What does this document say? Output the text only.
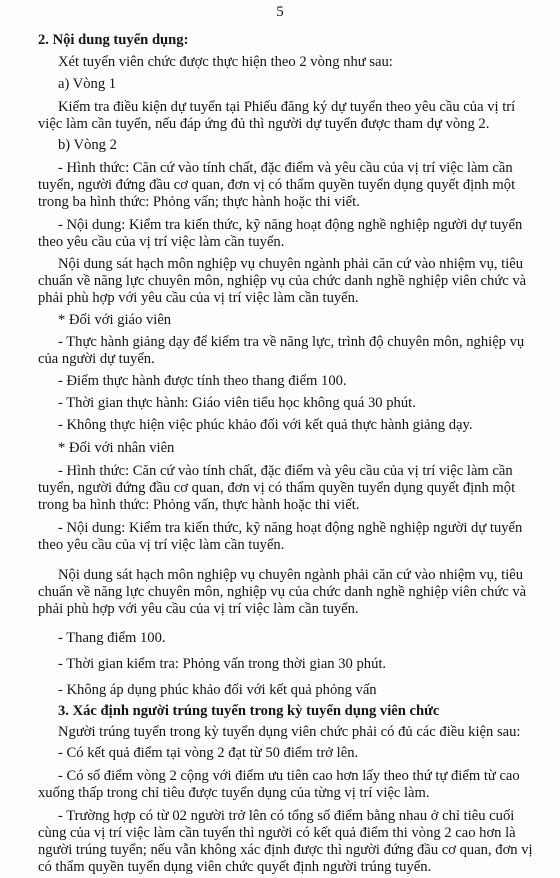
5
2. Nội dung tuyển dụng:
Xét tuyển viên chức được thực hiện theo 2 vòng như sau:
a) Vòng 1
Kiểm tra điều kiện dự tuyển tại Phiếu đăng ký dự tuyển theo yêu cầu của vị trí
việc làm cần tuyển, nếu đáp ứng đủ thì người dự tuyển được tham dự vòng 2.
b) Vòng 2
- Hình thức: Căn cứ vào tính chất, đặc điểm và yêu cầu của vị trí việc làm cần
tuyển, người đứng đầu cơ quan, đơn vị có thẩm quyền tuyển dụng quyết định một
trong ba hình thức: Phỏng vấn; thực hành hoặc thi viết.
- Nội dung: Kiểm tra kiến thức, kỹ năng hoạt động nghề nghiệp người dự tuyển
theo yêu cầu của vị trí việc làm cần tuyển.
Nội dung sát hạch môn nghiệp vụ chuyên ngành phải căn cứ vào nhiệm vụ, tiêu
chuẩn về năng lực chuyên môn, nghiệp vụ của chức danh nghề nghiệp viên chức và
phải phù hợp với yêu cầu của vị trí việc làm cần tuyển.
* Đối với giáo viên
- Thực hành giảng dạy để kiểm tra về năng lực, trình độ chuyên môn, nghiệp vụ
của người dự tuyển.
- Điểm thực hành được tính theo thang điểm 100.
- Thời gian thực hành: Giáo viên tiểu học không quá 30 phút.
- Không thực hiện việc phúc khảo đối với kết quả thực hành giảng dạy.
* Đối với nhân viên
- Hình thức: Căn cứ vào tính chất, đặc điểm và yêu cầu của vị trí việc làm cần
tuyển, người đứng đầu cơ quan, đơn vị có thẩm quyền tuyển dụng quyết định một
trong ba hình thức: Phỏng vấn, thực hành hoặc thi viết.
- Nội dung: Kiểm tra kiến thức, kỹ năng hoạt động nghề nghiệp người dự tuyển
theo yêu cầu của vị trí việc làm cần tuyển.
Nội dung sát hạch môn nghiệp vụ chuyên ngành phải căn cứ vào nhiệm vụ, tiêu
chuẩn về năng lực chuyên môn, nghiệp vụ của chức danh nghề nghiệp viên chức và
phải phù hợp với yêu cầu của vị trí việc làm cần tuyển.
- Thang điểm 100.
- Thời gian kiểm tra: Phỏng vấn trong thời gian 30 phút.
- Không áp dụng phúc khảo đối với kết quả phỏng vấn
3. Xác định người trúng tuyển trong kỳ tuyển dụng viên chức
Người trúng tuyển trong kỳ tuyển dụng viên chức phải có đủ các điều kiện sau:
- Có kết quả điểm tại vòng 2 đạt từ 50 điểm trở lên.
- Có số điểm vòng 2 cộng với điểm ưu tiên cao hơn lấy theo thứ tự điểm từ cao
xuống thấp trong chỉ tiêu được tuyển dụng của từng vị trí việc làm.
- Trường hợp có từ 02 người trở lên có tổng số điểm bằng nhau ở chỉ tiêu cuối
cùng của vị trí việc làm cần tuyển thì người có kết quả điểm thi vòng 2 cao hơn là
người trúng tuyển; nếu vẫn không xác định được thì người đứng đầu cơ quan, đơn vị
có thẩm quyền tuyển dụng viên chức quyết định người trúng tuyển.
